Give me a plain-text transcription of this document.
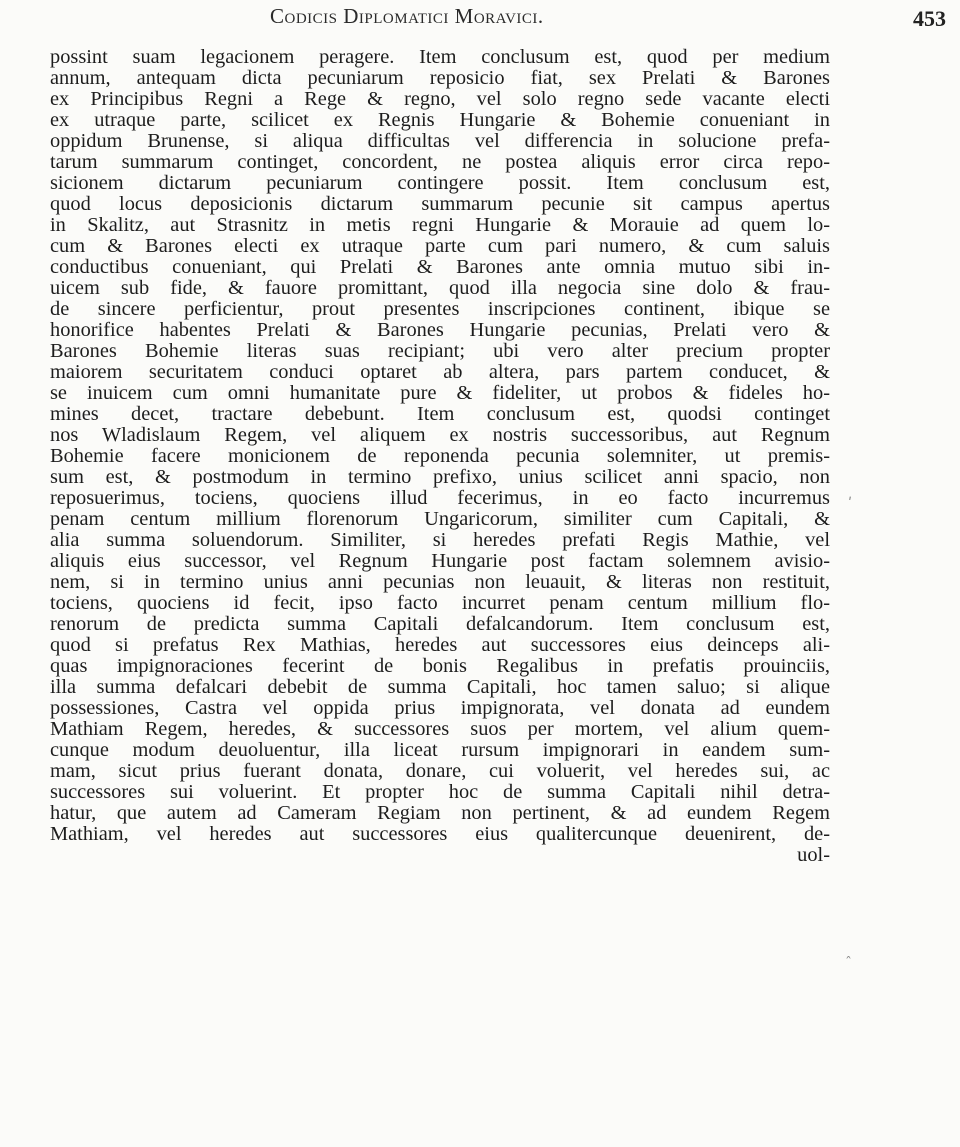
Codicis Diplomatici Moravici.	453
possint suam legacionem peragere. Item conclusum est, quod per medium
annum, antequam dicta pecuniarum reposicio fiat, sex Prelati & Barones
ex Principibus Regni a Rege & regno, vel solo regno sede vacante electi
ex utraque parte, scilicet ex Regnis Hungarie & Bohemie conueniant in
oppidum Brunense, si aliqua difficultas vel differencia in solucione prefa-
tarum summarum continget, concordent, ne postea aliquis error circa repo-
sicionem dictarum pecuniarum contingere possit. Item conclusum est,
quod locus deposicionis dictarum summarum pecunie sit campus apertus
in Skalitz, aut Strasnitz in metis regni Hungarie & Morauie ad quem lo-
cum & Barones electi ex utraque parte cum pari numero, & cum saluis
conductibus conueniant, qui Prelati & Barones ante omnia mutuo sibi in-
uicem sub fide, & fauore promittant, quod illa negocia sine dolo & frau-
de sincere perficientur, prout presentes inscripciones continent, ibique se
honorifice habentes Prelati & Barones Hungarie pecunias, Prelati vero &
Barones Bohemie literas suas recipiant; ubi vero alter precium propter
maiorem securitatem conduci optaret ab altera, pars partem conducet, &
se inuicem cum omni humanitate pure & fideliter, ut probos & fideles ho-
mines decet, tractare debebunt. Item conclusum est, quodsi continget
nos Wladislaum Regem, vel aliquem ex nostris successoribus, aut Regnum
Bohemie facere monicionem de reponenda pecunia solemniter, ut premis-
sum est, & postmodum in termino prefixo, unius scilicet anni spacio, non
reposuerimus, tociens, quociens illud fecerimus, in eo facto incurremus
penam centum millium florenorum Ungaricorum, similiter cum Capitali, &
alia summa soluendorum. Similiter, si heredes prefati Regis Mathie, vel
aliquis eius successor, vel Regnum Hungarie post factam solemnem avisio-
nem, si in termino unius anni pecunias non leuauit, & literas non restituit,
tociens, quociens id fecit, ipso facto incurret penam centum millium flo-
renorum de predicta summa Capitali defalcandorum. Item conclusum est,
quod si prefatus Rex Mathias, heredes aut successores eius deinceps ali-
quas impignoraciones fecerint de bonis Regalibus in prefatis prouinciis,
illa summa defalcari debebit de summa Capitali, hoc tamen saluo; si alique
possessiones, Castra vel oppida prius impignorata, vel donata ad eundem
Mathiam Regem, heredes, & successores suos per mortem, vel alium quem-
cunque modum deuoluentur, illa liceat rursum impignorari in eandem sum-
mam, sicut prius fuerant donata, donare, cui voluerit, vel heredes sui, ac
successores sui voluerint. Et propter hoc de summa Capitali nihil detra-
hatur, que autem ad Cameram Regiam non pertinent, & ad eundem Regem
Mathiam, vel heredes aut successores eius qualitercunque deuenirent, de-
uol-
ʹ
ˆ
